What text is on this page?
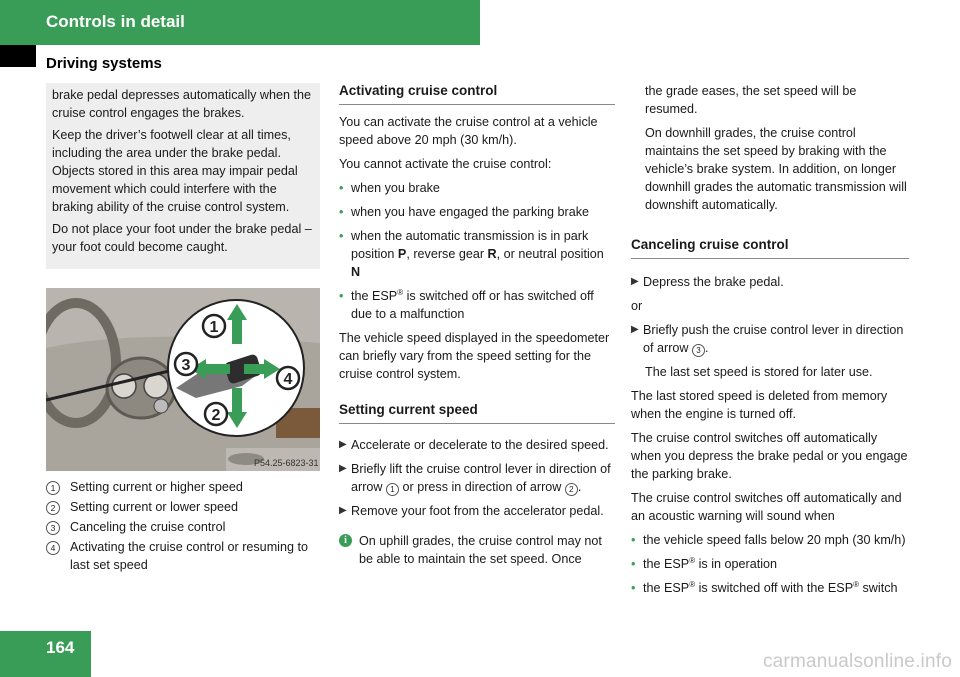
Controls in detail
Driving systems

brake pedal depresses automatically when the cruise control engages the brakes.

Keep the driver’s footwell clear at all times, including the area under the brake pedal. Objects stored in this area may impair pedal movement which could interfere with the braking ability of the cruise control system.

Do not place your foot under the brake pedal – your foot could become caught.

1
3
4
2
P54.25-6823-31
1	Setting current or higher speed
2	Setting current or lower speed
3	Canceling the cruise control
4	Activating the cruise control or resuming to last set speed
Activating cruise control

You can activate the cruise control at a vehicle speed above 20 mph (30 km/h).

You cannot activate the cruise control:

• when you brake
• when you have engaged the parking brake
• when the automatic transmission is in park position P, reverse gear R, or neutral position N
• the ESP® is switched off or has switched off due to a malfunction

The vehicle speed displayed in the speedometer can briefly vary from the speed setting for the cruise control system.

Setting current speed
▶ Accelerate or decelerate to the desired speed.
▶ Briefly lift the cruise control lever in direction of arrow 1 or press in direction of arrow 2 .
▶ Remove your foot from the accelerator pedal.
i On uphill grades, the cruise control may not be able to maintain the set speed. Once

the grade eases, the set speed will be resumed.

On downhill grades, the cruise control maintains the set speed by braking with the vehicle’s brake system. In addition, on longer downhill grades the automatic transmission will downshift automatically.

Canceling cruise control
▶ Depress the brake pedal.

or

▶ Briefly push the cruise control lever in direction of arrow 3 .

The last set speed is stored for later use.

The last stored speed is deleted from memory when the engine is turned off.

The cruise control switches off automatically when you depress the brake pedal or you engage the parking brake.

The cruise control switches off automatically and an acoustic warning will sound when

• the vehicle speed falls below 20 mph (30 km/h)
• the ESP® is in operation
• the ESP® is switched off with the ESP® switch
164
carmanualsonline.info
